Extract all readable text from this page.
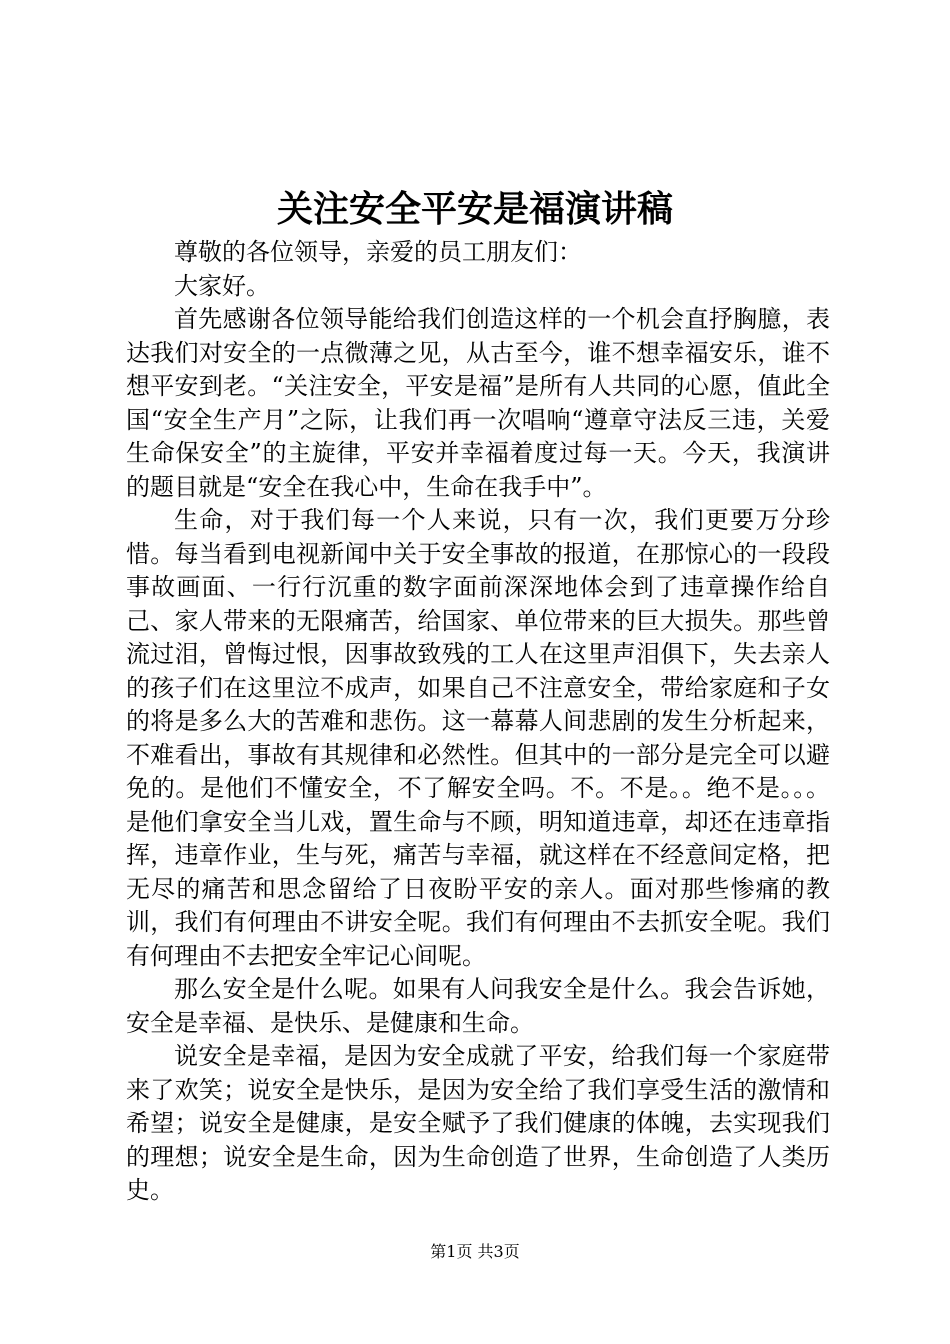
关注安全平安是福演讲稿

尊敬的各位领导，亲爱的员工朋友们：

大家好。

首先感谢各位领导能给我们创造这样的一个机会直抒胸臆，表达我们对安全的一点微薄之见，从古至今，谁不想幸福安乐，谁不想平安到老。“关注安全，平安是福”是所有人共同的心愿，值此全国“安全生产月”之际，让我们再一次唱响“遵章守法反三违，关爱生命保安全”的主旋律，平安并幸福着度过每一天。今天，我演讲的题目就是“安全在我心中，生命在我手中”。

生命，对于我们每一个人来说，只有一次，我们更要万分珍惜。每当看到电视新闻中关于安全事故的报道，在那惊心的一段段事故画面、一行行沉重的数字面前深深地体会到了违章操作给自己、家人带来的无限痛苦，给国家、单位带来的巨大损失。那些曾流过泪，曾悔过恨，因事故致残的工人在这里声泪俱下，失去亲人的孩子们在这里泣不成声，如果自己不注意安全，带给家庭和子女的将是多么大的苦难和悲伤。这一幕幕人间悲剧的发生分析起来，不难看出，事故有其规律和必然性。但其中的一部分是完全可以避免的。是他们不懂安全，不了解安全吗。不。不是。。绝不是。。。是他们拿安全当儿戏，置生命与不顾，明知道违章，却还在违章指挥，违章作业，生与死，痛苦与幸福，就这样在不经意间定格，把无尽的痛苦和思念留给了日夜盼平安的亲人。面对那些惨痛的教训，我们有何理由不讲安全呢。我们有何理由不去抓安全呢。我们有何理由不去把安全牢记心间呢。

那么安全是什么呢。如果有人问我安全是什么。我会告诉她，安全是幸福、是快乐、是健康和生命。

说安全是幸福，是因为安全成就了平安，给我们每一个家庭带来了欢笑；说安全是快乐，是因为安全给了我们享受生活的激情和希望；说安全是健康，是安全赋予了我们健康的体魄，去实现我们的理想；说安全是生命，因为生命创造了世界，生命创造了人类历史。

第1页 共3页
